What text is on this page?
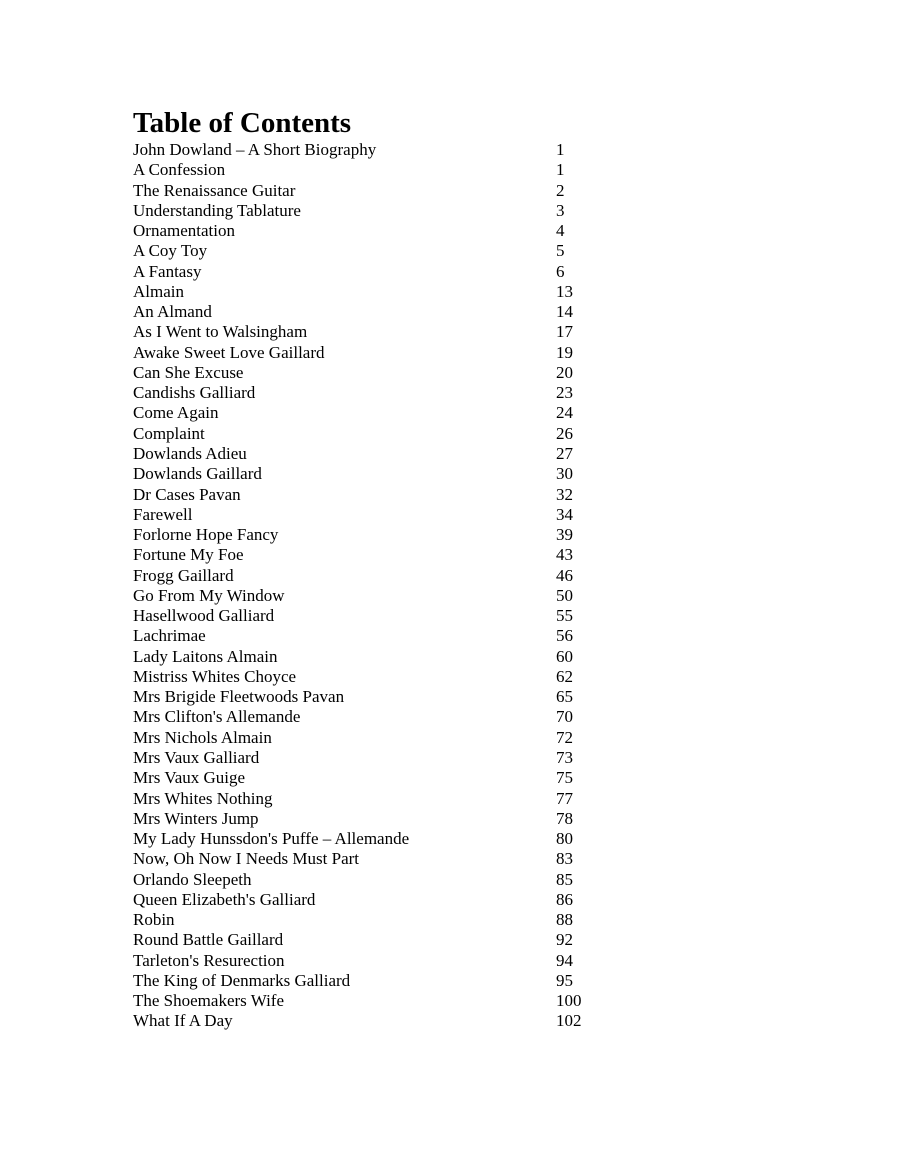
Table of Contents
John Dowland – A Short Biography	1
A Confession	1
The Renaissance Guitar	2
Understanding Tablature	3
Ornamentation	4
A Coy Toy	5
A Fantasy	6
Almain	13
An Almand	14
As I Went to Walsingham	17
Awake Sweet Love Gaillard	19
Can She Excuse	20
Candishs Galliard	23
Come Again	24
Complaint	26
Dowlands Adieu	27
Dowlands Gaillard	30
Dr Cases Pavan	32
Farewell	34
Forlorne Hope Fancy	39
Fortune My Foe	43
Frogg Gaillard	46
Go From My Window	50
Hasellwood Galliard	55
Lachrimae	56
Lady Laitons Almain	60
Mistriss Whites Choyce	62
Mrs Brigide Fleetwoods Pavan	65
Mrs Clifton's Allemande	70
Mrs Nichols Almain	72
Mrs Vaux Galliard	73
Mrs Vaux Guige	75
Mrs Whites Nothing	77
Mrs Winters Jump	78
My Lady Hunssdon's Puffe – Allemande	80
Now, Oh Now I Needs Must Part	83
Orlando Sleepeth	85
Queen Elizabeth's Galliard	86
Robin	88
Round Battle Gaillard	92
Tarleton's Resurection	94
The King of Denmarks Galliard	95
The Shoemakers Wife	100
What If A Day	102
